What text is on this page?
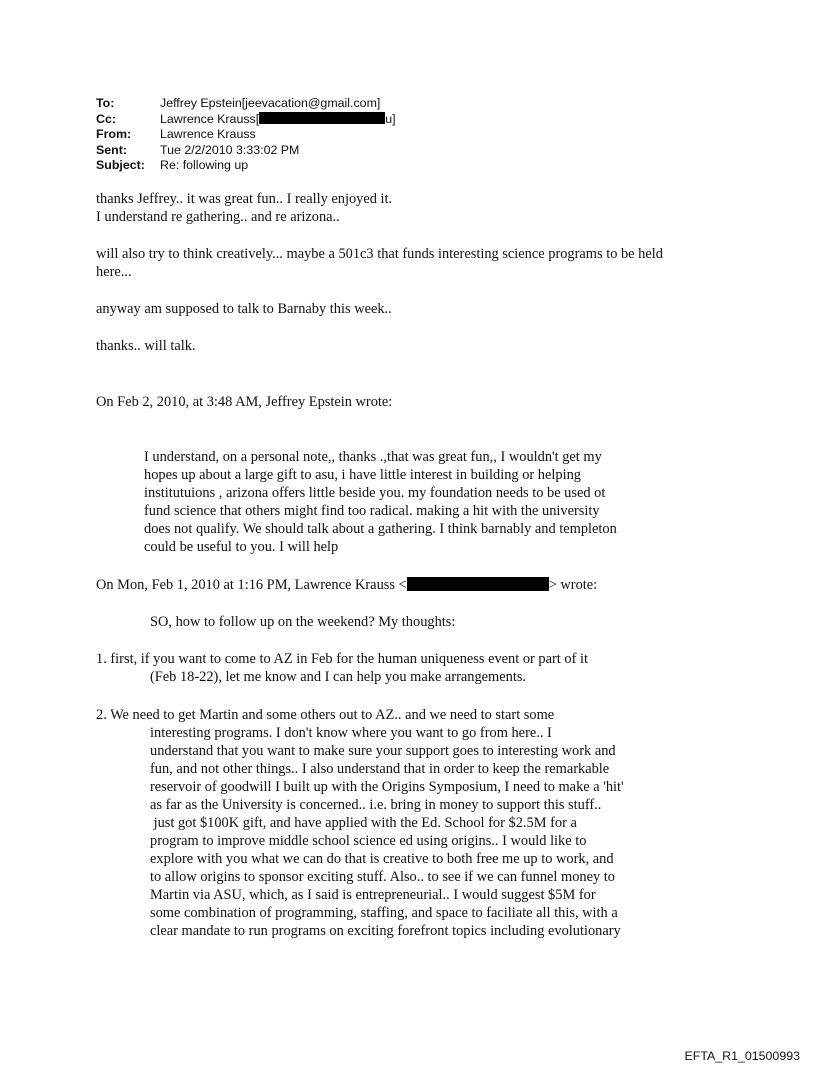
To:	Jeffrey Epstein[jeevacation@gmail.com]
Cc:	Lawrence Krauss[	u]
From:	Lawrence Krauss
Sent:	Tue 2/2/2010 3:33:02 PM
Subject:	Re: following up
thanks Jeffrey.. it was great fun.. I really enjoyed it.
I understand re gathering.. and re arizona..
will also try to think creatively... maybe a 501c3 that funds interesting science programs to be held
here...
anyway am supposed to talk to Barnaby this week..
thanks.. will talk.
On Feb 2, 2010, at 3:48 AM, Jeffrey Epstein wrote:
I understand, on a personal note,, thanks .,that was great fun,, I wouldn't get my
hopes up about a large gift to asu, i have little interest in building or helping
institutuions , arizona offers little beside you. my foundation needs to be used ot
fund science that others might find too radical. making a hit with the university
does not qualify. We should talk about a gathering. I think barnably and templeton
could be useful to you. I will help
On Mon, Feb 1, 2010 at 1:16 PM, Lawrence Krauss <	> wrote:
SO, how to follow up on the weekend? My thoughts:
1. first, if you want to come to AZ in Feb for the human uniqueness event or part of it
(Feb 18-22), let me know and I can help you make arrangements.
2. We need to get Martin and some others out to AZ.. and we need to start some
interesting programs. I don't know where you want to go from here.. I
understand that you want to make sure your support goes to interesting work and
fun, and not other things.. I also understand that in order to keep the remarkable
reservoir of goodwill I built up with the Origins Symposium, I need to make a 'hit'
as far as the University is concerned.. i.e. bring in money to support this stuff..
just got $100K gift, and have applied with the Ed. School for $2.5M for a
program to improve middle school science ed using origins.. I would like to
explore with you what we can do that is creative to both free me up to work, and
to allow origins to sponsor exciting stuff. Also.. to see if we can funnel money to
Martin via ASU, which, as I said is entrepreneurial.. I would suggest $5M for
some combination of programming, staffing, and space to faciliate all this, with a
clear mandate to run programs on exciting forefront topics including evolutionary
EFTA_R1_01500993
